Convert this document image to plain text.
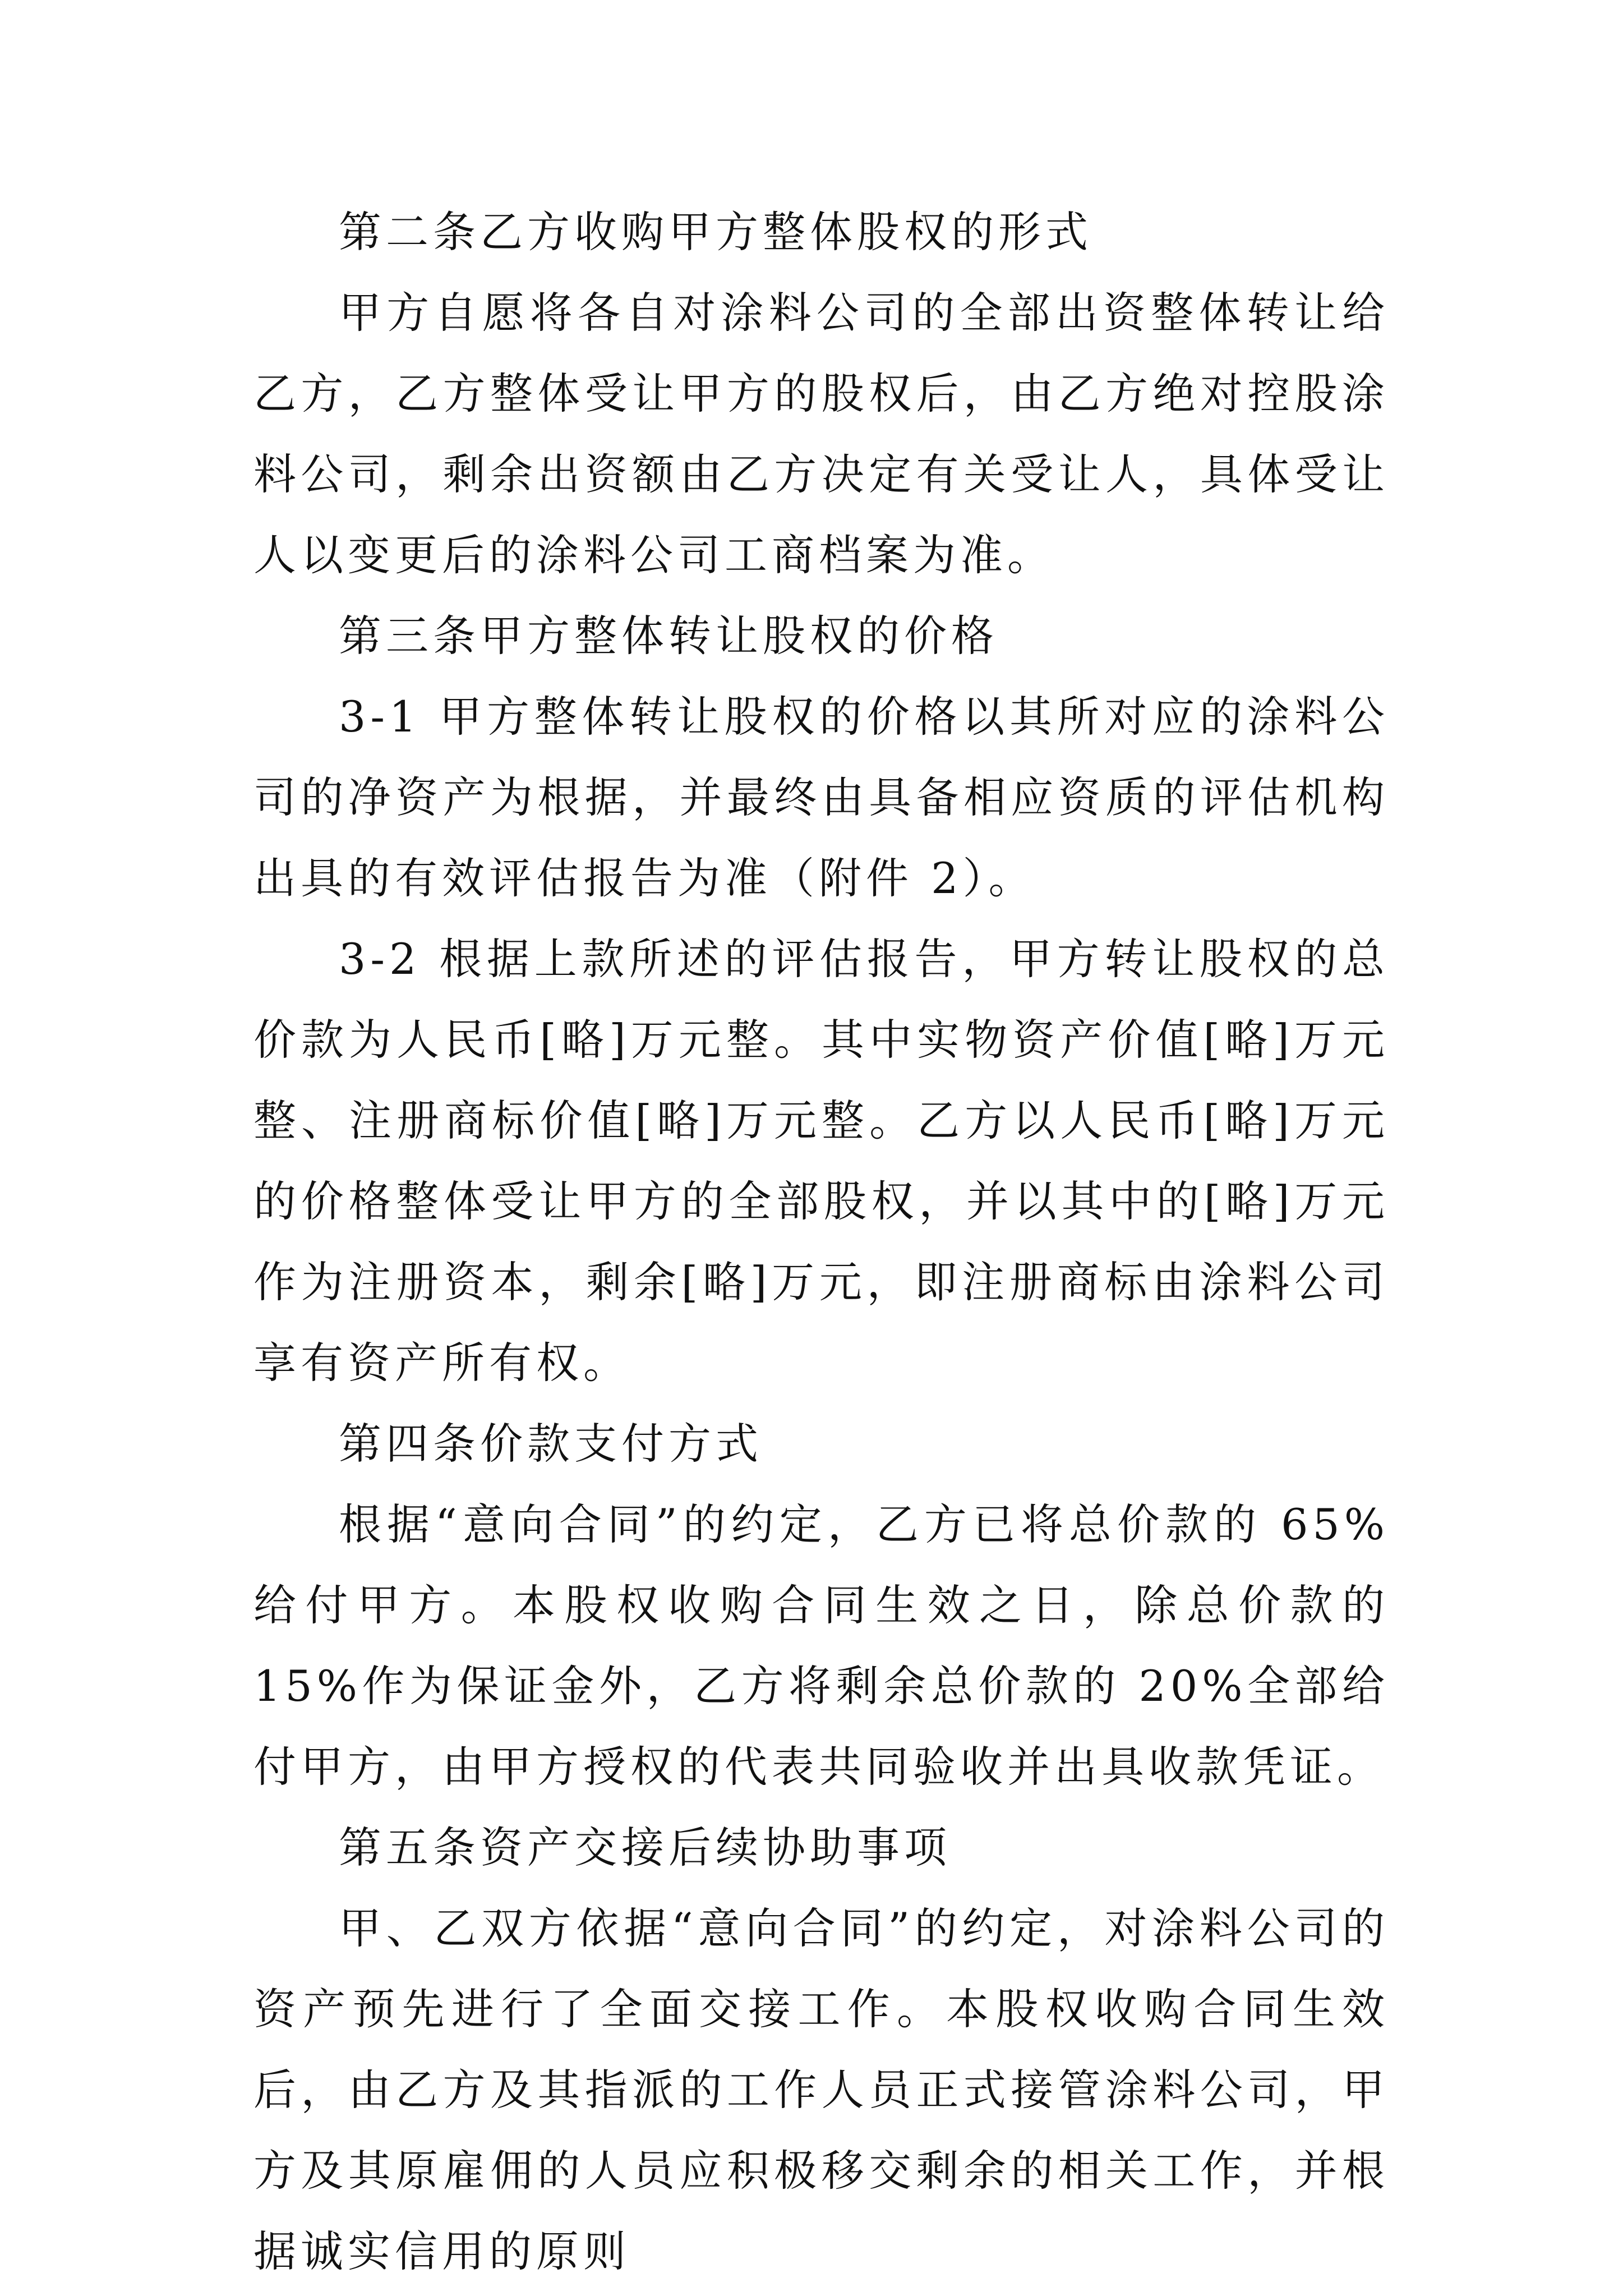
第二条乙方收购甲方整体股权的形式

甲方自愿将各自对涂料公司的全部出资整体转让给乙方，乙方整体受让甲方的股权后，由乙方绝对控股涂料公司，剩余出资额由乙方决定有关受让人，具体受让人以变更后的涂料公司工商档案为准。

第三条甲方整体转让股权的价格

3-1 甲方整体转让股权的价格以其所对应的涂料公司的净资产为根据，并最终由具备相应资质的评估机构出具的有效评估报告为准（附件 2）。

3-2 根据上款所述的评估报告，甲方转让股权的总价款为人民币[略]万元整。其中实物资产价值[略]万元整、注册商标价值[略]万元整。乙方以人民币[略]万元的价格整体受让甲方的全部股权，并以其中的[略]万元作为注册资本，剩余[略]万元，即注册商标由涂料公司享有资产所有权。

第四条价款支付方式

根据“意向合同”的约定，乙方已将总价款的 65%给付甲方。本股权收购合同生效之日，除总价款的 15%作为保证金外，乙方将剩余总价款的 20%全部给付甲方，由甲方授权的代表共同验收并出具收款凭证。

第五条资产交接后续协助事项

甲、乙双方依据“意向合同”的约定，对涂料公司的资产预先进行了全面交接工作。本股权收购合同生效后，由乙方及其指派的工作人员正式接管涂料公司，甲方及其原雇佣的人员应积极移交剩余的相关工作，并根据诚实信用的原则
